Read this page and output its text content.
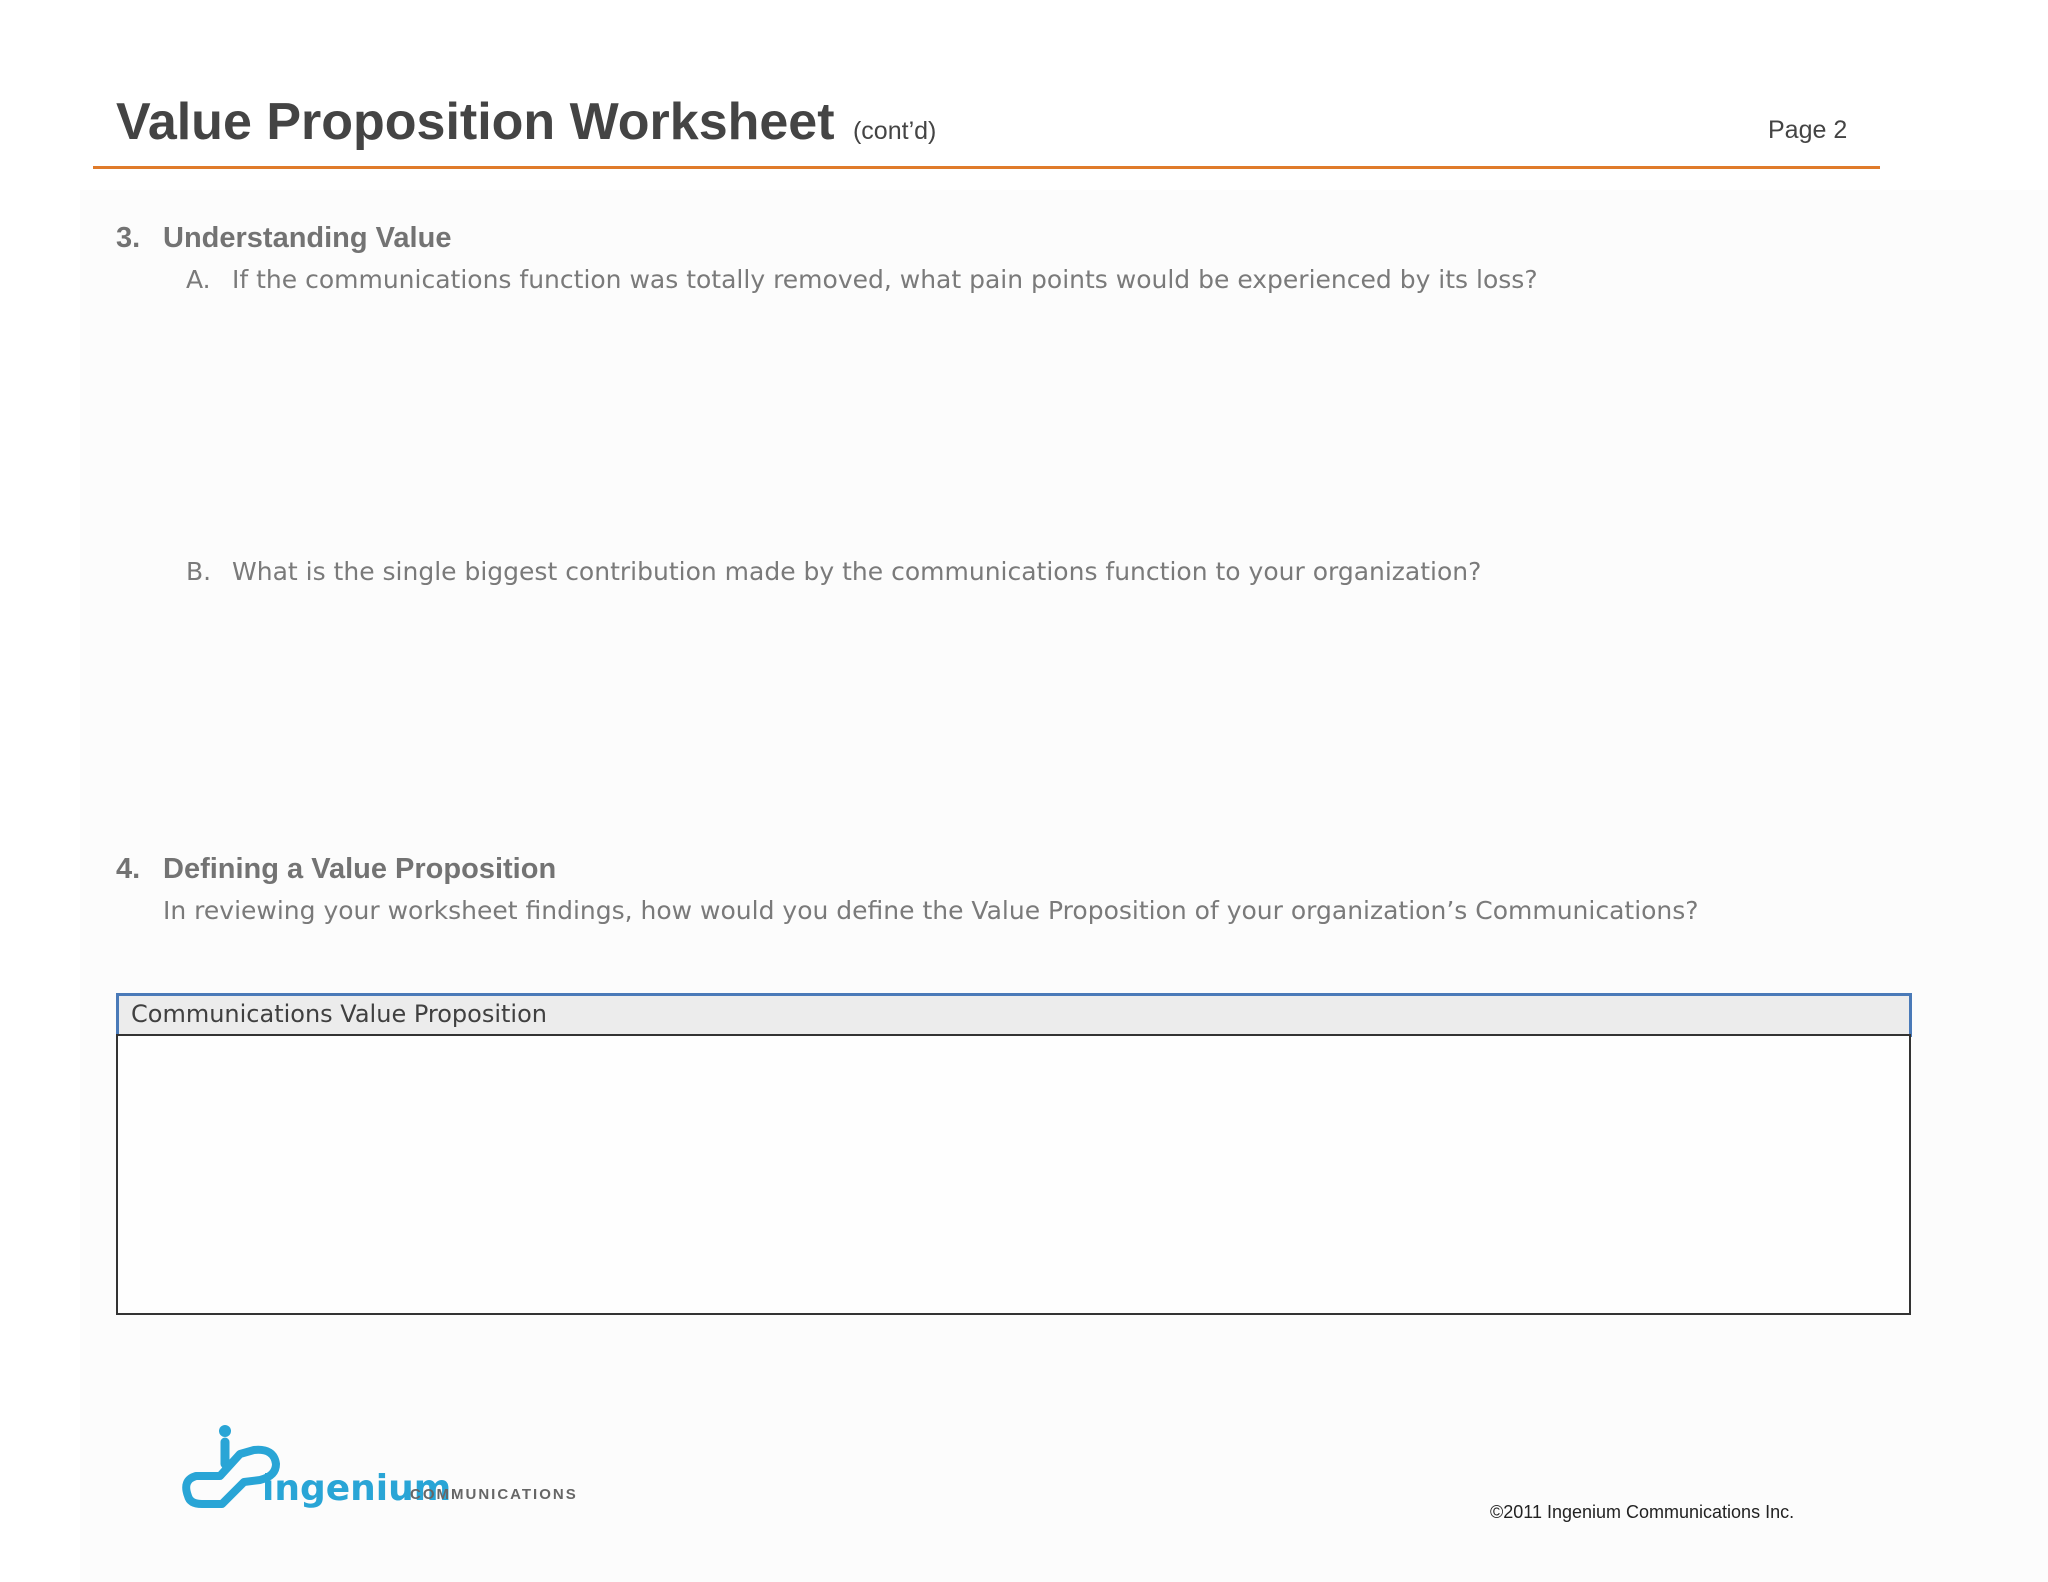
Value Proposition Worksheet (cont’d)	Page 2
3. Understanding Value
A. If the communications function was totally removed, what pain points would be experienced by its loss?
B. What is the single biggest contribution made by the communications function to your organization?
4. Defining a Value Proposition
In reviewing your worksheet findings, how would you define the Value Proposition of your organization’s Communications?
Communications Value Proposition
ingenium
COMMUNICATIONS
©2011 Ingenium Communications Inc.
